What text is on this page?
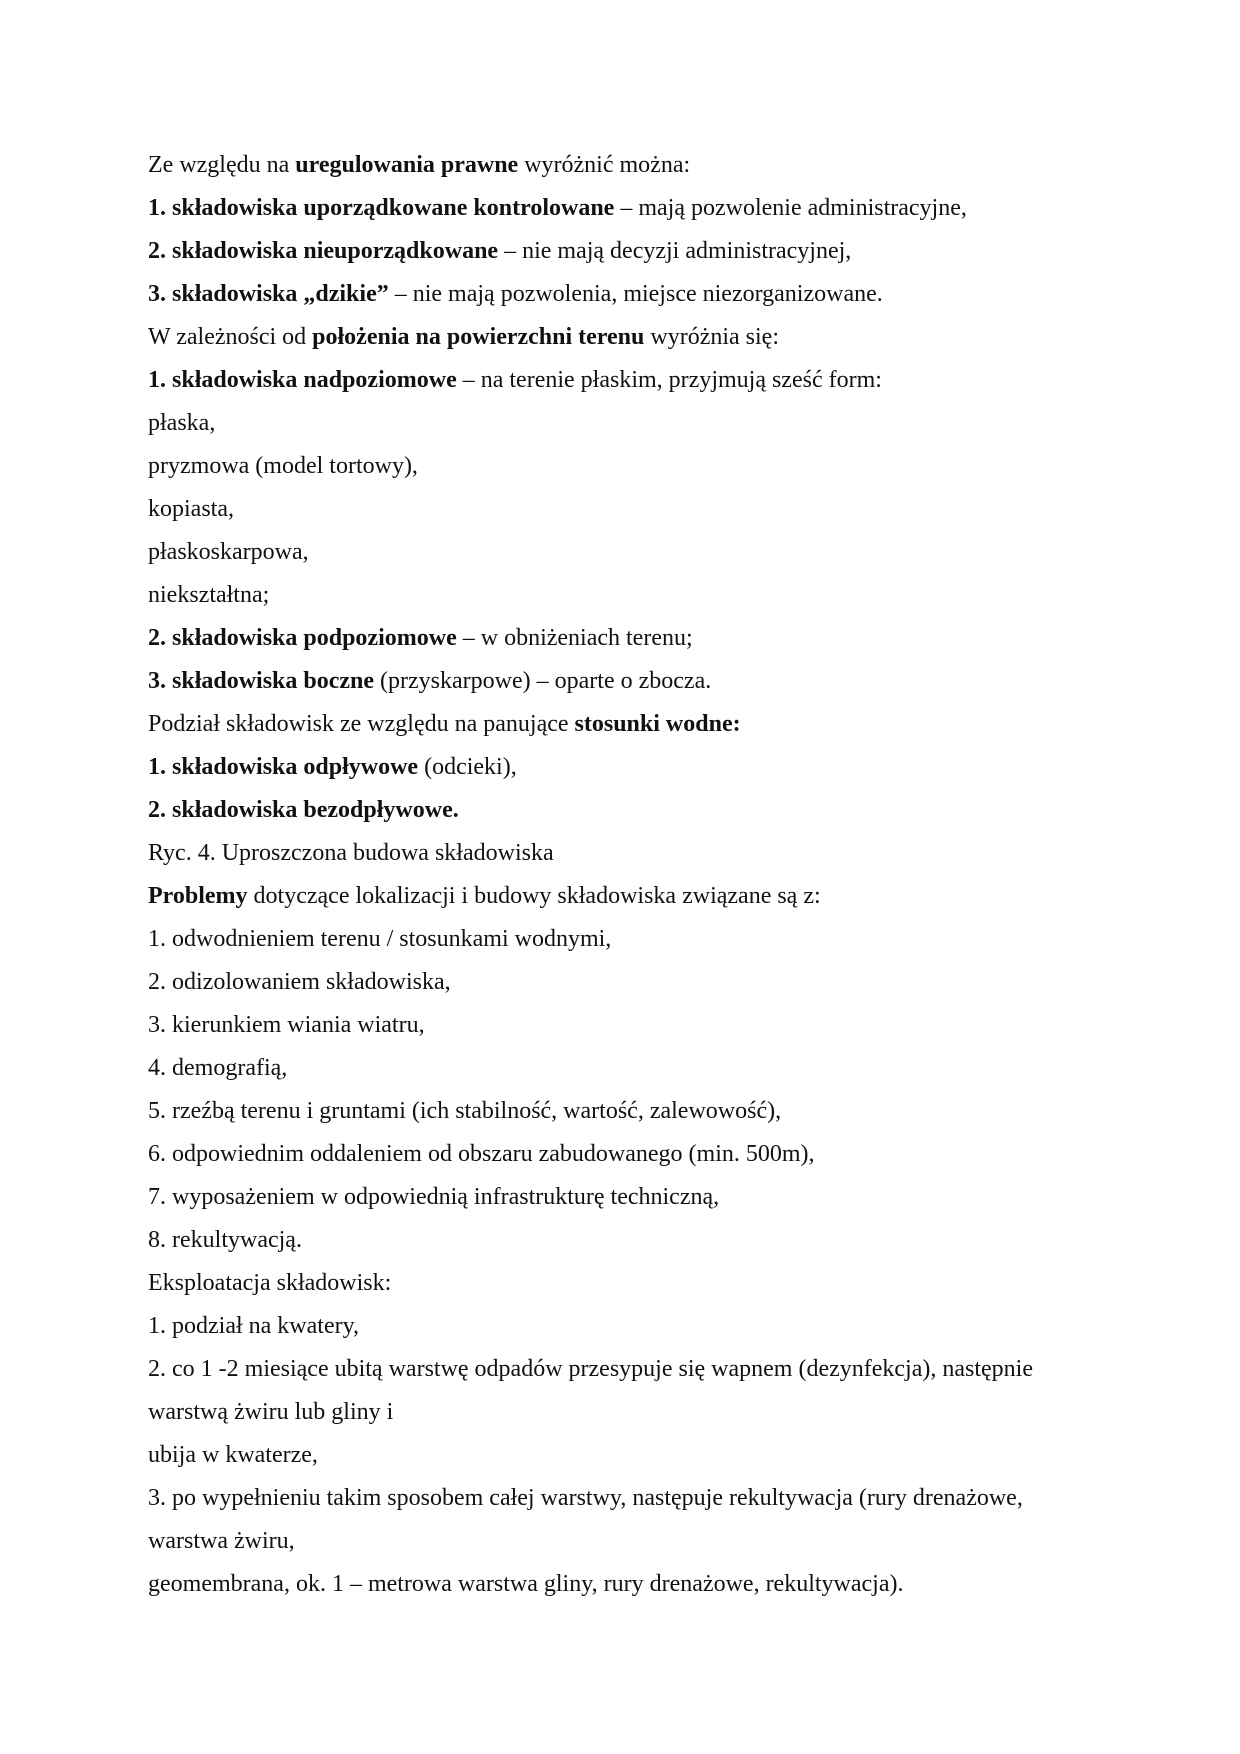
Ze względu na uregulowania prawne wyróżnić można:
1. składowiska uporządkowane kontrolowane – mają pozwolenie administracyjne,
2. składowiska nieuporządkowane – nie mają decyzji administracyjnej,
3. składowiska „dzikie” – nie mają pozwolenia, miejsce niezorganizowane.
W zależności od położenia na powierzchni terenu wyróżnia się:
1. składowiska nadpoziomowe – na terenie płaskim, przyjmują sześć form:
płaska,
pryzmowa (model tortowy),
kopiasta,
płaskoskarpowa,
niekształtna;
2. składowiska podpoziomowe – w obniżeniach terenu;
3. składowiska boczne (przyskarpowe) – oparte o zbocza.
Podział składowisk ze względu na panujące stosunki wodne:
1. składowiska odpływowe (odcieki),
2. składowiska bezodpływowe.
Ryc. 4. Uproszczona budowa składowiska
Problemy dotyczące lokalizacji i budowy składowiska związane są z:
1. odwodnieniem terenu / stosunkami wodnymi,
2. odizolowaniem składowiska,
3. kierunkiem wiania wiatru,
4. demografią,
5. rzeźbą terenu i gruntami (ich stabilność, wartość, zalewowość),
6. odpowiednim oddaleniem od obszaru zabudowanego (min. 500m),
7. wyposażeniem w odpowiednią infrastrukturę techniczną,
8. rekultywacją.
Eksploatacja składowisk:
1. podział na kwatery,
2. co 1 -2 miesiące ubitą warstwę odpadów przesypuje się wapnem (dezynfekcja), następnie
warstwą żwiru lub gliny i
ubija w kwaterze,
3. po wypełnieniu takim sposobem całej warstwy, następuje rekultywacja (rury drenażowe,
warstwa żwiru,
geomembrana, ok. 1 – metrowa warstwa gliny, rury drenażowe, rekultywacja).
